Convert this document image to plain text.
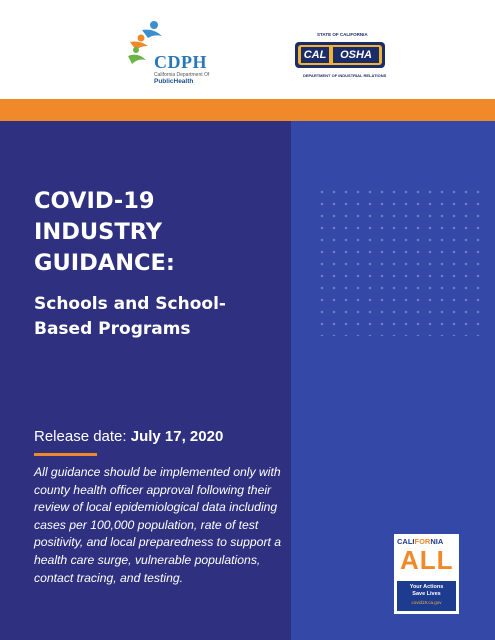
CDPH
California Department Of
PublicHealth
STATE OF CALIFORNIA
CAL	OSHA
DEPARTMENT OF INDUSTRIAL RELATIONS
COVID-19
INDUSTRY
GUIDANCE:
Schools and School-
Based Programs
Release date: July 17, 2020
All guidance should be implemented only with county health officer approval following their review of local epidemiological data including cases per 100,000 population, rate of test positivity, and local preparedness to support a health care surge, vulnerable populations, contact tracing, and testing.
CALIFORNIA
ALL
Your Actions
Save Lives
covid19.ca.gov
